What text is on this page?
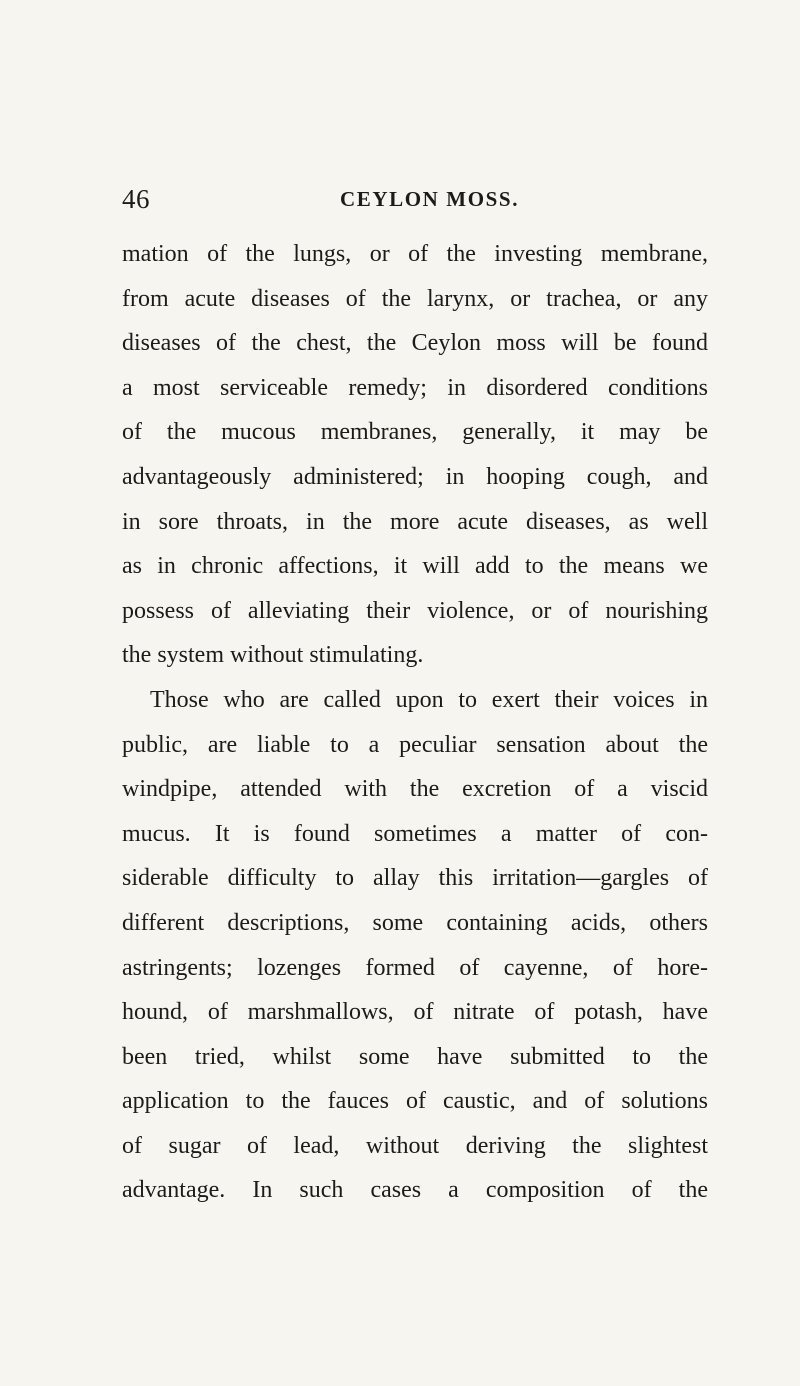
46	CEYLON MOSS.
mation of the lungs, or of the investing membrane,
from acute diseases of the larynx, or trachea, or any
diseases of the chest, the Ceylon moss will be found
a most serviceable remedy; in disordered conditions
of the mucous membranes, generally, it may be
advantageously administered; in hooping cough, and
in sore throats, in the more acute diseases, as well
as in chronic affections, it will add to the means we
possess of alleviating their violence, or of nourishing
the system without stimulating.
Those who are called upon to exert their voices in
public, are liable to a peculiar sensation about the
windpipe, attended with the excretion of a viscid
mucus. It is found sometimes a matter of con-
siderable difficulty to allay this irritation—gargles of
different descriptions, some containing acids, others
astringents; lozenges formed of cayenne, of hore-
hound, of marshmallows, of nitrate of potash, have
been tried, whilst some have submitted to the
application to the fauces of caustic, and of solutions
of sugar of lead, without deriving the slightest
advantage. In such cases a composition of the
